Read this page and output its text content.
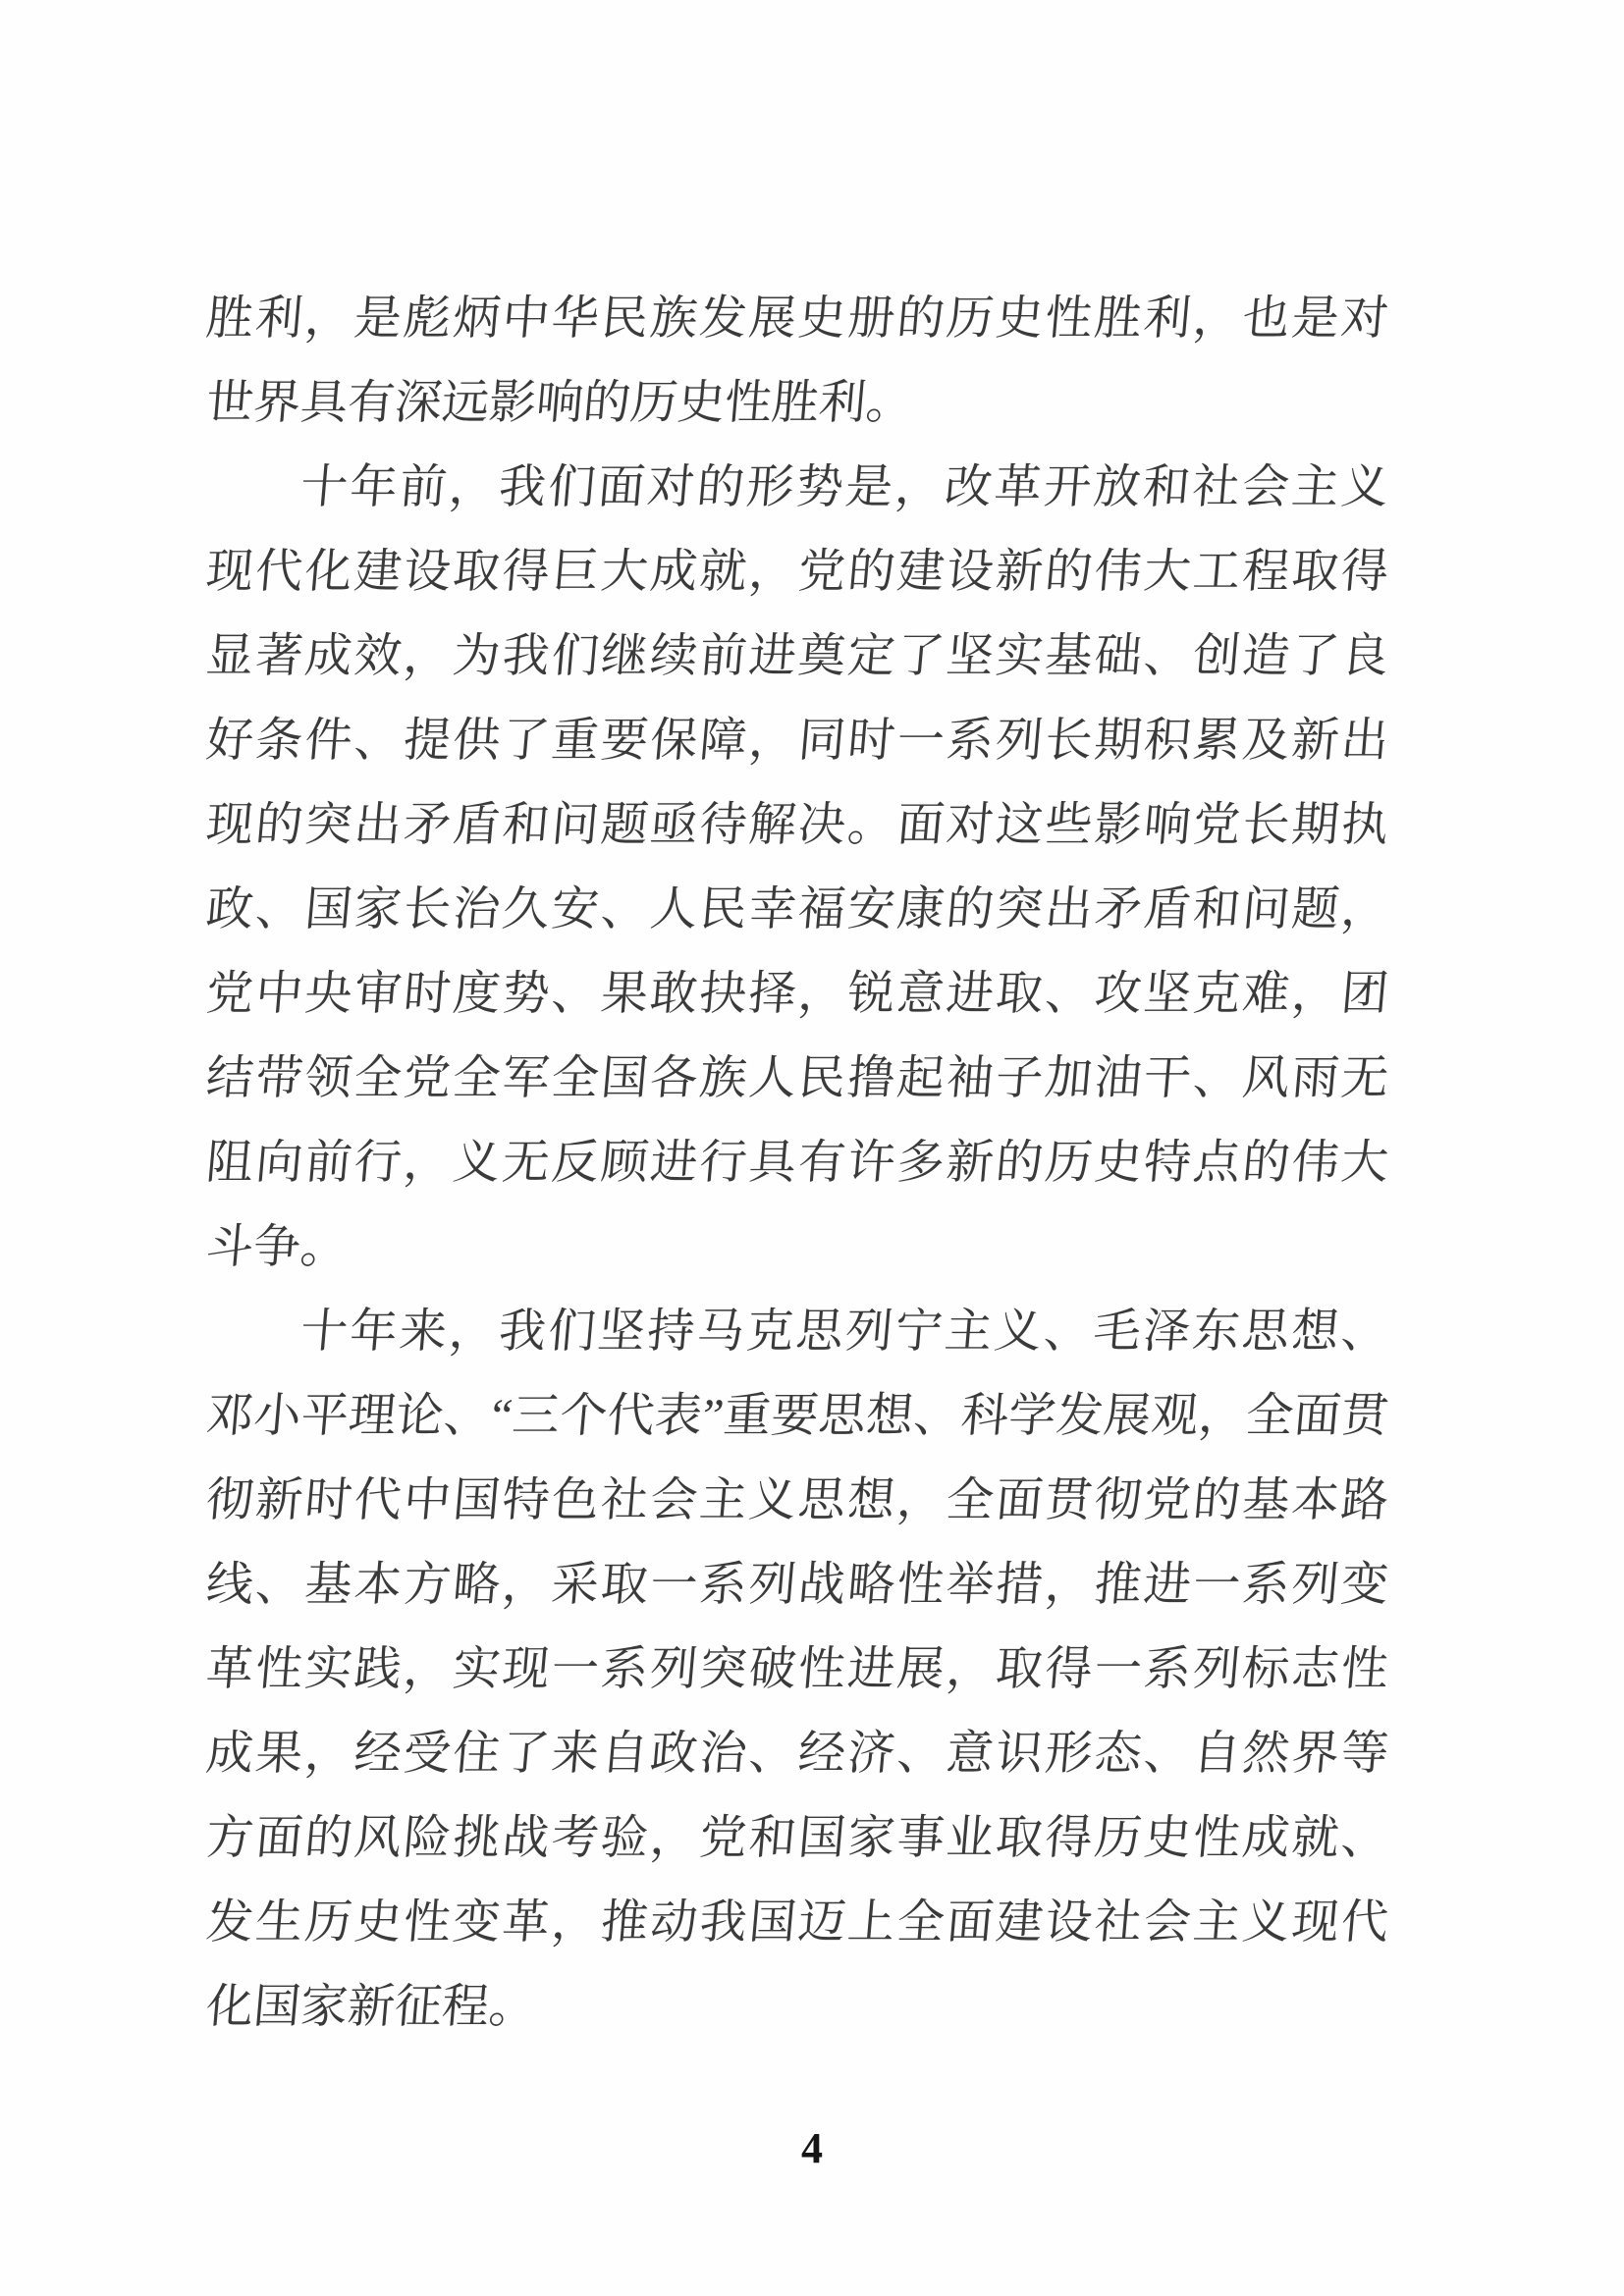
胜利，是彪炳中华民族发展史册的历史性胜利，也是对
世界具有深远影响的历史性胜利。
十年前，我们面对的形势是，改革开放和社会主义
现代化建设取得巨大成就，党的建设新的伟大工程取得
显著成效，为我们继续前进奠定了坚实基础、创造了良
好条件、提供了重要保障，同时一系列长期积累及新出
现的突出矛盾和问题亟待解决。面对这些影响党长期执
政、国家长治久安、人民幸福安康的突出矛盾和问题，
党中央审时度势、果敢抉择，锐意进取、攻坚克难，团
结带领全党全军全国各族人民撸起袖子加油干、风雨无
阻向前行，义无反顾进行具有许多新的历史特点的伟大
斗争。
十年来，我们坚持马克思列宁主义、毛泽东思想、
邓小平理论、“三个代表”重要思想、科学发展观，全面贯
彻新时代中国特色社会主义思想，全面贯彻党的基本路
线、基本方略，采取一系列战略性举措，推进一系列变
革性实践，实现一系列突破性进展，取得一系列标志性
成果，经受住了来自政治、经济、意识形态、自然界等
方面的风险挑战考验，党和国家事业取得历史性成就、
发生历史性变革，推动我国迈上全面建设社会主义现代
化国家新征程。
4
